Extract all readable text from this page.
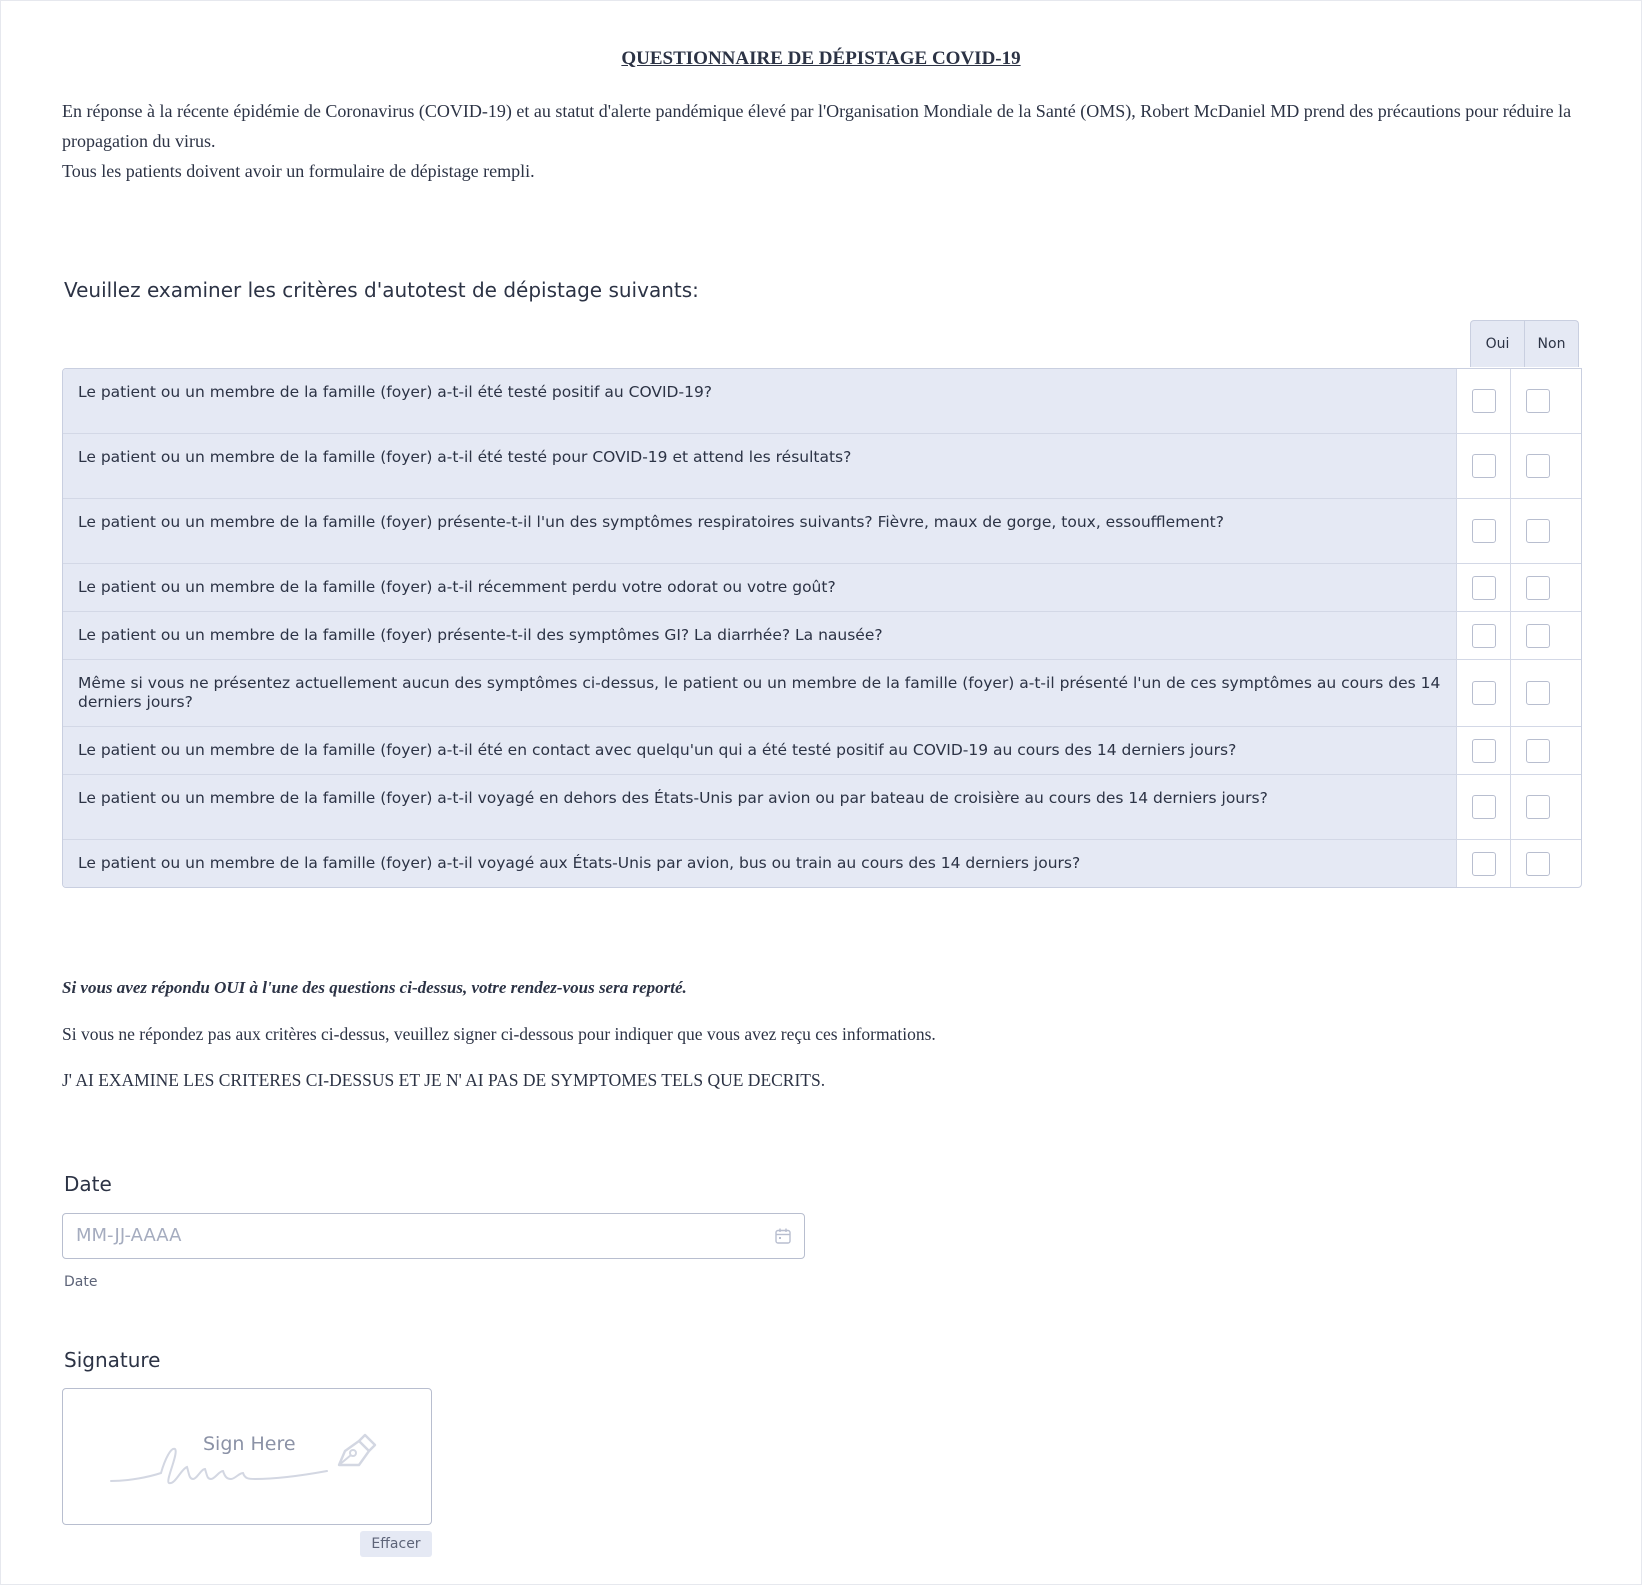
QUESTIONNAIRE DE DÉPISTAGE COVID-19

En réponse à la récente épidémie de Coronavirus (COVID-19) et au statut d'alerte pandémique élevé par l'Organisation Mondiale de la Santé (OMS), Robert McDaniel MD prend des précautions pour réduire la propagation du virus.

Tous les patients doivent avoir un formulaire de dépistage rempli.

Veuillez examiner les critères d'autotest de dépistage suivants:
Oui	Non
Le patient ou un membre de la famille (foyer) a-t-il été testé positif au COVID-19?
Le patient ou un membre de la famille (foyer) a-t-il été testé pour COVID-19 et attend les résultats?
Le patient ou un membre de la famille (foyer) présente-t-il l'un des symptômes respiratoires suivants? Fièvre, maux de gorge, toux, essoufflement?
Le patient ou un membre de la famille (foyer) a-t-il récemment perdu votre odorat ou votre goût?
Le patient ou un membre de la famille (foyer) présente-t-il des symptômes GI? La diarrhée? La nausée?
Même si vous ne présentez actuellement aucun des symptômes ci-dessus, le patient ou un membre de la famille (foyer) a-t-il présenté l'un de ces symptômes au cours des 14 derniers jours?
Le patient ou un membre de la famille (foyer) a-t-il été en contact avec quelqu'un qui a été testé positif au COVID-19 au cours des 14 derniers jours?
Le patient ou un membre de la famille (foyer) a-t-il voyagé en dehors des États-Unis par avion ou par bateau de croisière au cours des 14 derniers jours?
Le patient ou un membre de la famille (foyer) a-t-il voyagé aux États-Unis par avion, bus ou train au cours des 14 derniers jours?
Si vous avez répondu OUI à l'une des questions ci-dessus, votre rendez-vous sera reporté.
Si vous ne répondez pas aux critères ci-dessus, veuillez signer ci-dessous pour indiquer que vous avez reçu ces informations.
J' AI EXAMINE LES CRITERES CI-DESSUS ET JE N' AI PAS DE SYMPTOMES TELS QUE DECRITS.
Date
MM-JJ-AAAA
Date
Signature
Sign Here
Effacer
